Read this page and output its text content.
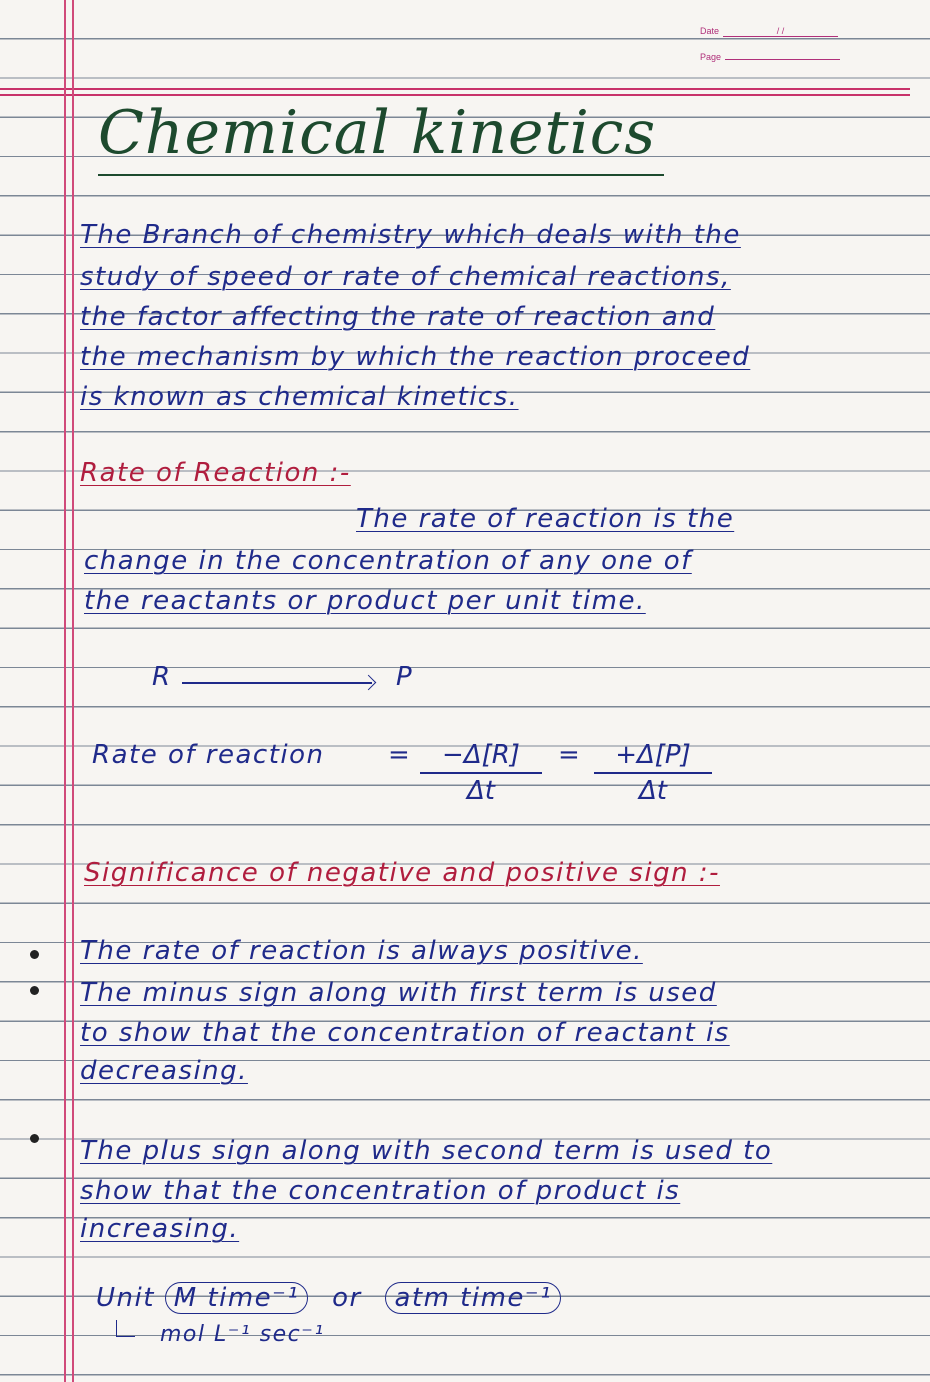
Date	/ /
Page
Chemical kinetics
The Branch of chemistry which deals with the
study of speed or rate of chemical reactions,
the factor affecting the rate of reaction and
the mechanism by which the reaction proceed
is known as chemical kinetics.
Rate of Reaction :-
The rate of reaction is the
change in the concentration of any one of
the reactants or product per unit time.
R	P
Rate of reaction =	−Δ[R]
Δt
=	+Δ[P]
Δt
Significance of negative and positive sign :-
The rate of reaction is always positive.
The minus sign along with first term is used
to show that the concentration of reactant is
decreasing.
The plus sign along with second term is used to
show that the concentration of product is
increasing.
Unit M time⁻¹ or atm time⁻¹
mol L⁻¹ sec⁻¹
